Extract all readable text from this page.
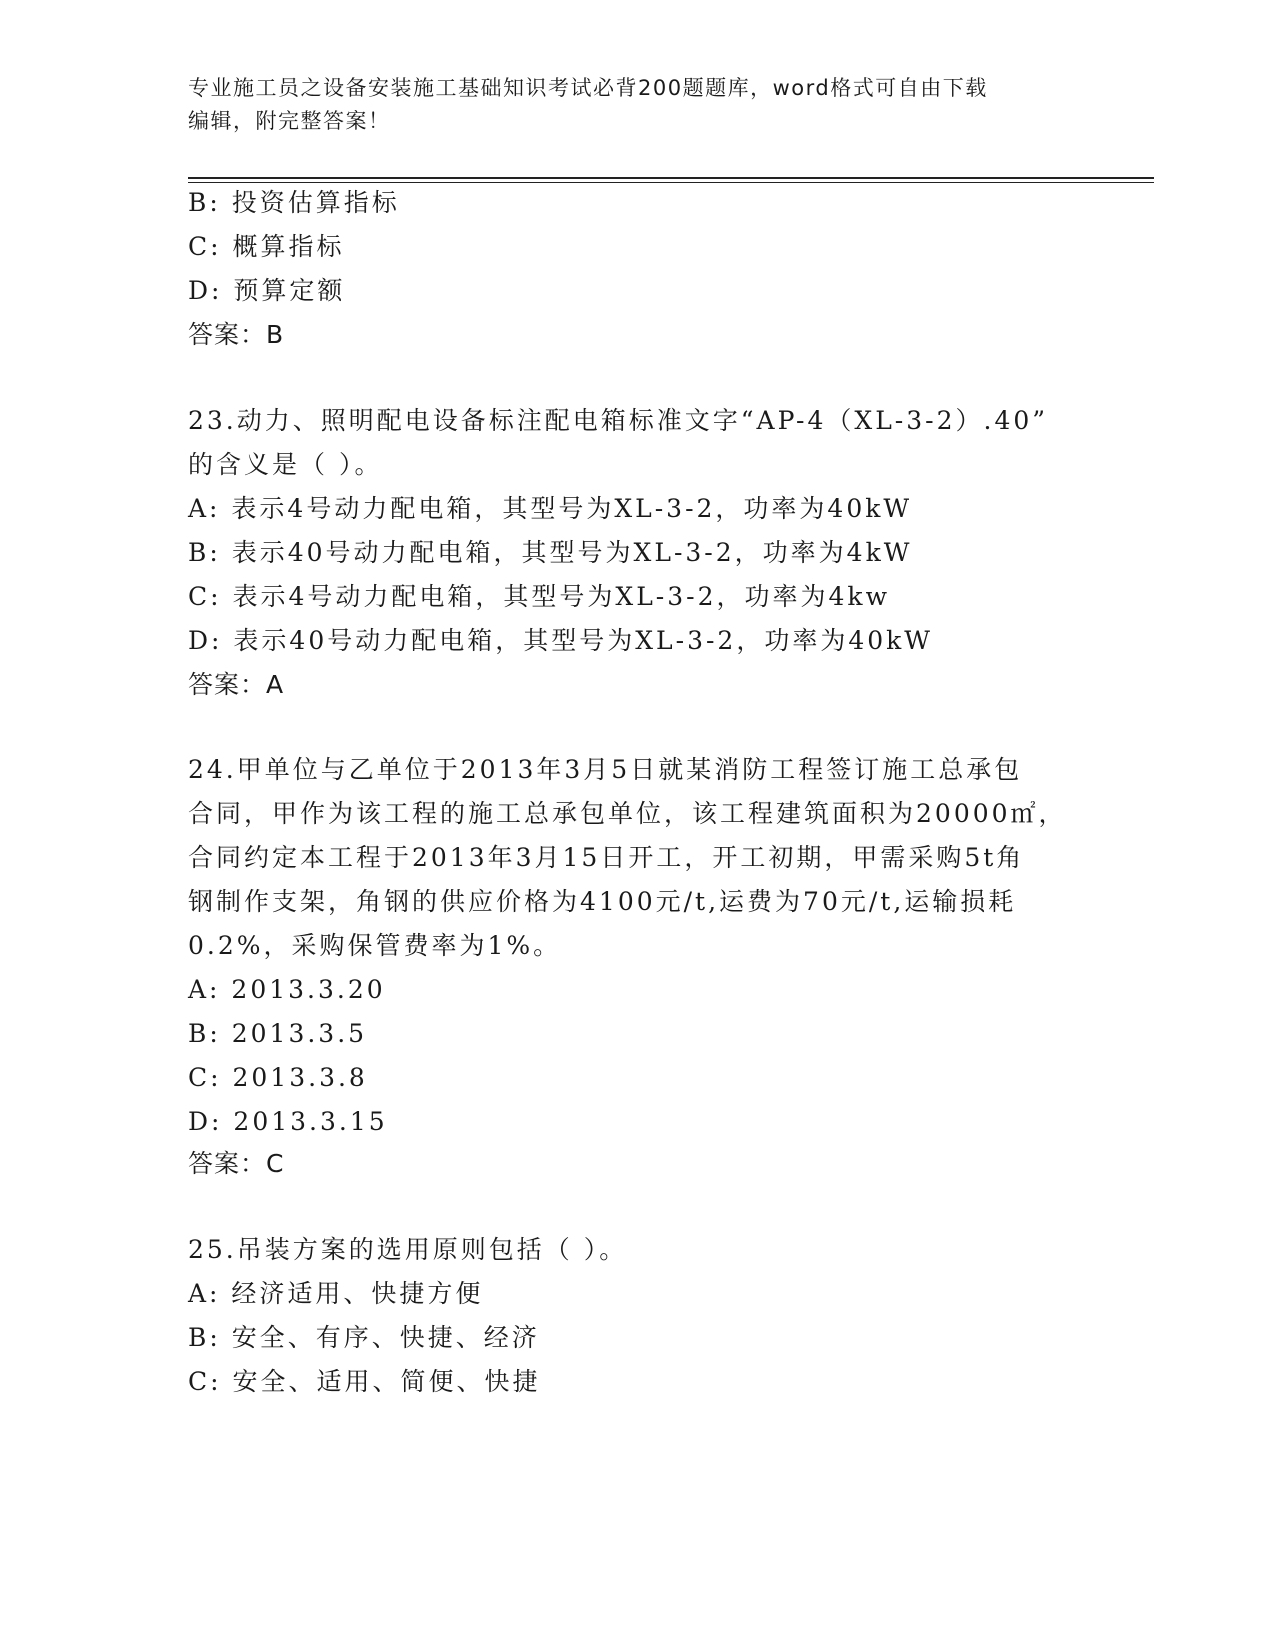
专业施工员之设备安装施工基础知识考试必背200题题库，word格式可自由下载
编辑，附完整答案！
B: 投资估算指标
C: 概算指标
D: 预算定额
答案：B
23.动力、照明配电设备标注配电箱标准文字“AP-4（XL-3-2）.40”
的含义是（ ）。
A: 表示4号动力配电箱，其型号为XL-3-2，功率为40kW
B: 表示40号动力配电箱，其型号为XL-3-2，功率为4kW
C: 表示4号动力配电箱，其型号为XL-3-2，功率为4kw
D: 表示40号动力配电箱，其型号为XL-3-2，功率为40kW
答案：A
24.甲单位与乙单位于2013年3月5日就某消防工程签订施工总承包
合同，甲作为该工程的施工总承包单位，该工程建筑面积为20000㎡，
合同约定本工程于2013年3月15日开工，开工初期，甲需采购5t角
钢制作支架，角钢的供应价格为4100元/t,运费为70元/t,运输损耗
0.2%，采购保管费率为1%。
A: 2013.3.20
B: 2013.3.5
C: 2013.3.8
D: 2013.3.15
答案：C
25.吊装方案的选用原则包括（ ）。
A: 经济适用、快捷方便
B: 安全、有序、快捷、经济
C: 安全、适用、简便、快捷
